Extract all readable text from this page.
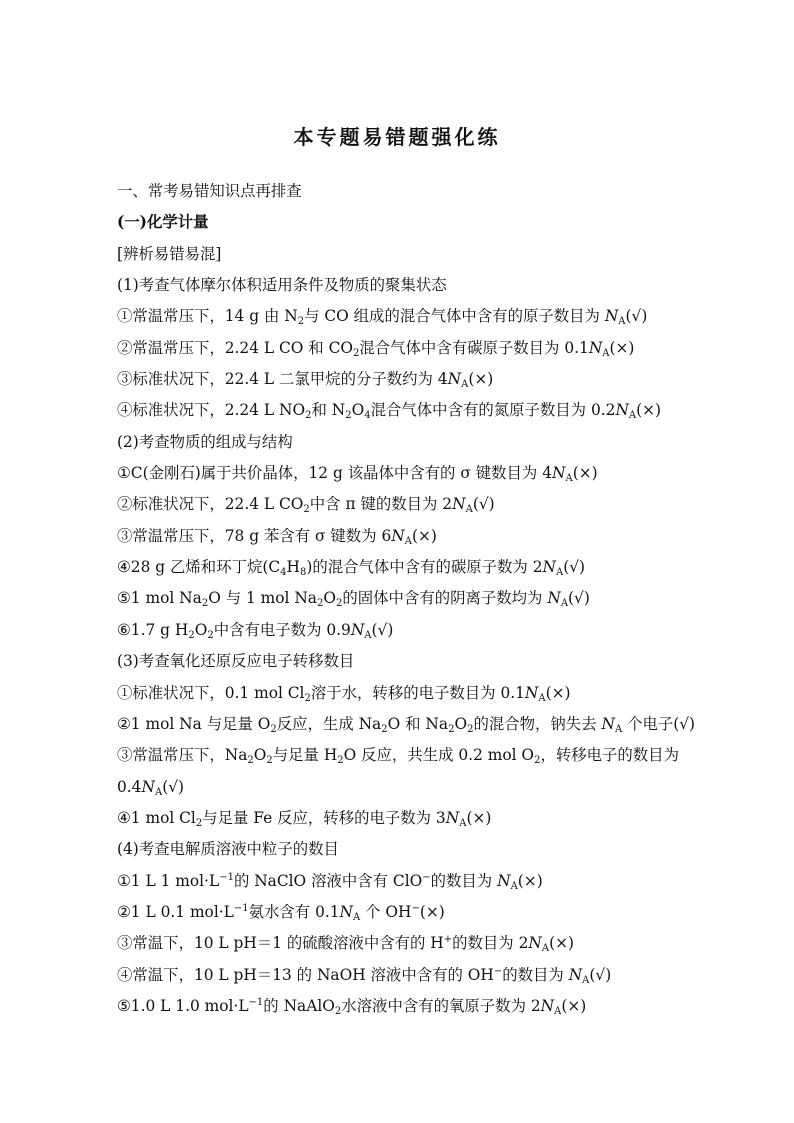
本专题易错题强化练
一、常考易错知识点再排查
(一)化学计量
[辨析易错易混]
(1)考查气体摩尔体积适用条件及物质的聚集状态
①常温常压下，14 g 由 $N_2$与 CO 组成的混合气体中含有的原子数目为 $N_A(√)$
②常温常压下，2.24 L CO 和 $CO_2$混合气体中含有碳原子数目为 $0.1N_A(\times)$
③标准状况下，22.4 L 二氯甲烷的分子数约为 $4N_A(\times)$
④标准状况下，2.24 L $NO_2$和 $N_2O_4$混合气体中含有的氮原子数目为 $0.2N_A(\times)$
(2)考查物质的组成与结构
①C(金刚石)属于共价晶体，12 g 该晶体中含有的 σ 键数目为 $4N_A(\times)$
②标准状况下，22.4 L $CO_2$中含 π 键的数目为 $2N_A(√)$
③常温常压下，78 g 苯含有 σ 键数为 $6N_A(\times)$
④28 g 乙烯和环丁烷$(C_4H_8)$的混合气体中含有的碳原子数为 $2N_A(√)$
⑤1 mol $Na_2O$ 与 1 mol $Na_2O_2$的固体中含有的阴离子数均为 $N_A(√)$
⑥1.7 g $H_2O_2$中含有电子数为 $0.9N_A(√)$
(3)考查氧化还原反应电子转移数目
①标准状况下，0.1 mol $Cl_2$溶于水，转移的电子数目为 $0.1N_A(\times)$
②1 mol Na 与足量 $O_2$反应，生成 $Na_2O$ 和 $Na_2O_2$的混合物，钠失去 $N_A$ 个电子(√)
③常温常压下，$Na_2O_2$与足量 $H_2O$ 反应，共生成 0.2 mol $O_2$，转移电子的数目为
$0.4N_A(√)$
④1 mol $Cl_2$与足量 Fe 反应，转移的电子数为 $3N_A(\times)$
(4)考查电解质溶液中粒子的数目
①1 L 1 $mol\cdot L^{-1}$的 NaClO 溶液中含有 ClO−的数目为 $N_A(\times)$
②1 L 0.1 $mol\cdot L^{-1}$氨水含有 $0.1N_A$ 个 OH−(×)
③常温下，10 L pH＝1 的硫酸溶液中含有的 H+的数目为 $2N_A(\times)$
④常温下，10 L pH＝13 的 NaOH 溶液中含有的 OH−的数目为 $N_A(√)$
⑤1.0 L 1.0 $mol\cdot L^{-1}$的 NaAlO$_2$水溶液中含有的氧原子数为 $2N_A(\times)$
